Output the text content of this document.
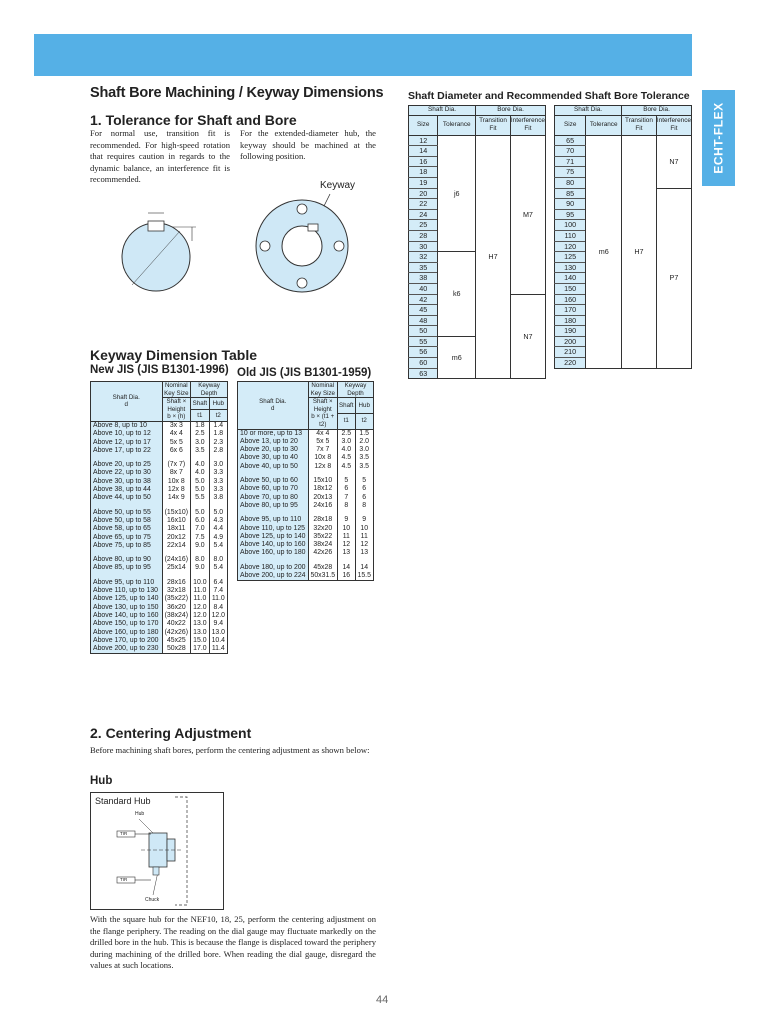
ECHT-FLEX
Shaft Bore Machining / Keyway Dimensions
1. Tolerance for Shaft and Bore

For normal use, transition fit is recommended. For high-speed rotation that requires caution in regards to the dynamic balance, an interference fit is recommended.

For the extended-diameter hub, the keyway should be machined at the following position.

Keyway
Shaft Diameter and Recommended Shaft Bore Tolerance
Shaft Dia.		Bore Dia.	
Size	Tolerance	Transition Fit	Interference Fit
12	j6	H7	M7
14			
16			
18			
19			
20			
22			
24			
25			
28			
30			
32	k6		
35			
38			
40			
42			N7
45			
48			
50			
55	m6		
56			
60			
63			
Shaft Dia.		Bore Dia.	
Size	Tolerance	Transition Fit	Interference Fit
65	m6	H7	N7
70			
71			
75			
80			
85			P7
90			
95			
100			
110			
120			
125			
130			
140			
150			
160			
170			
180			
190			
200			
210			
220			
Keyway Dimension Table
New JIS (JIS B1301-1996) Old JIS (JIS B1301-1959)
Shaft Dia.
d	Nominal Key Size	Keyway Depth	
	Shaft × Height
b × (h)	Shaft	Hub
		t1	t2
Above 8, up to 10	3x 3	1.8	1.4
Above 10, up to 12	4x 4	2.5	1.8
Above 12, up to 17	5x 5	3.0	2.3
Above 17, up to 22	6x 6	3.5	2.8

Above 20, up to 25	(7x 7)	4.0	3.0
Above 22, up to 30	8x 7	4.0	3.3
Above 30, up to 38	10x 8	5.0	3.3
Above 38, up to 44	12x 8	5.0	3.3
Above 44, up to 50	14x 9	5.5	3.8

Above 50, up to 55	(15x10)	5.0	5.0
Above 50, up to 58	16x10	6.0	4.3
Above 58, up to 65	18x11	7.0	4.4
Above 65, up to 75	20x12	7.5	4.9
Above 75, up to 85	22x14	9.0	5.4

Above 80, up to 90	(24x16)	8.0	8.0
Above 85, up to 95	25x14	9.0	5.4

Above 95, up to 110	28x16	10.0	6.4
Above 110, up to 130	32x18	11.0	7.4
Above 125, up to 140	(35x22)	11.0	11.0
Above 130, up to 150	36x20	12.0	8.4
Above 140, up to 160	(38x24)	12.0	12.0
Above 150, up to 170	40x22	13.0	9.4
Above 160, up to 180	(42x26)	13.0	13.0
Above 170, up to 200	45x25	15.0	10.4
Above 200, up to 230	50x28	17.0	11.4
Shaft Dia.
d	Nominal Key Size	Keyway Depth	
	Shaft × Height
b × (t1 + t2)	Shaft	Hub
		t1	t2
10 or more, up to 13	4x 4	2.5	1.5
Above 13, up to 20	5x 5	3.0	2.0
Above 20, up to 30	7x 7	4.0	3.0
Above 30, up to 40	10x 8	4.5	3.5
Above 40, up to 50	12x 8	4.5	3.5

Above 50, up to 60	15x10	5	5
Above 60, up to 70	18x12	6	6
Above 70, up to 80	20x13	7	6
Above 80, up to 95	24x16	8	8

Above 95, up to 110	28x18	9	9
Above 110, up to 125	32x20	10	10
Above 125, up to 140	35x22	11	11
Above 140, up to 160	38x24	12	12
Above 160, up to 180	42x26	13	13

Above 180, up to 200	45x28	14	14
Above 200, up to 224	50x31.5	16	15.5
2. Centering Adjustment

Before machining shaft bores, perform the centering adjustment as shown below:

Hub
Standard Hub
Hub
TIR
TIR
Chuck

With the square hub for the NEF10, 18, 25, perform the centering adjustment on the flange periphery. The reading on the dial gauge may fluctuate markedly on the drilled bore in the hub. This is because the flange is displaced toward the periphery during machining of the drilled bore. When reading the dial gauge, disregard the values at such locations.

44
